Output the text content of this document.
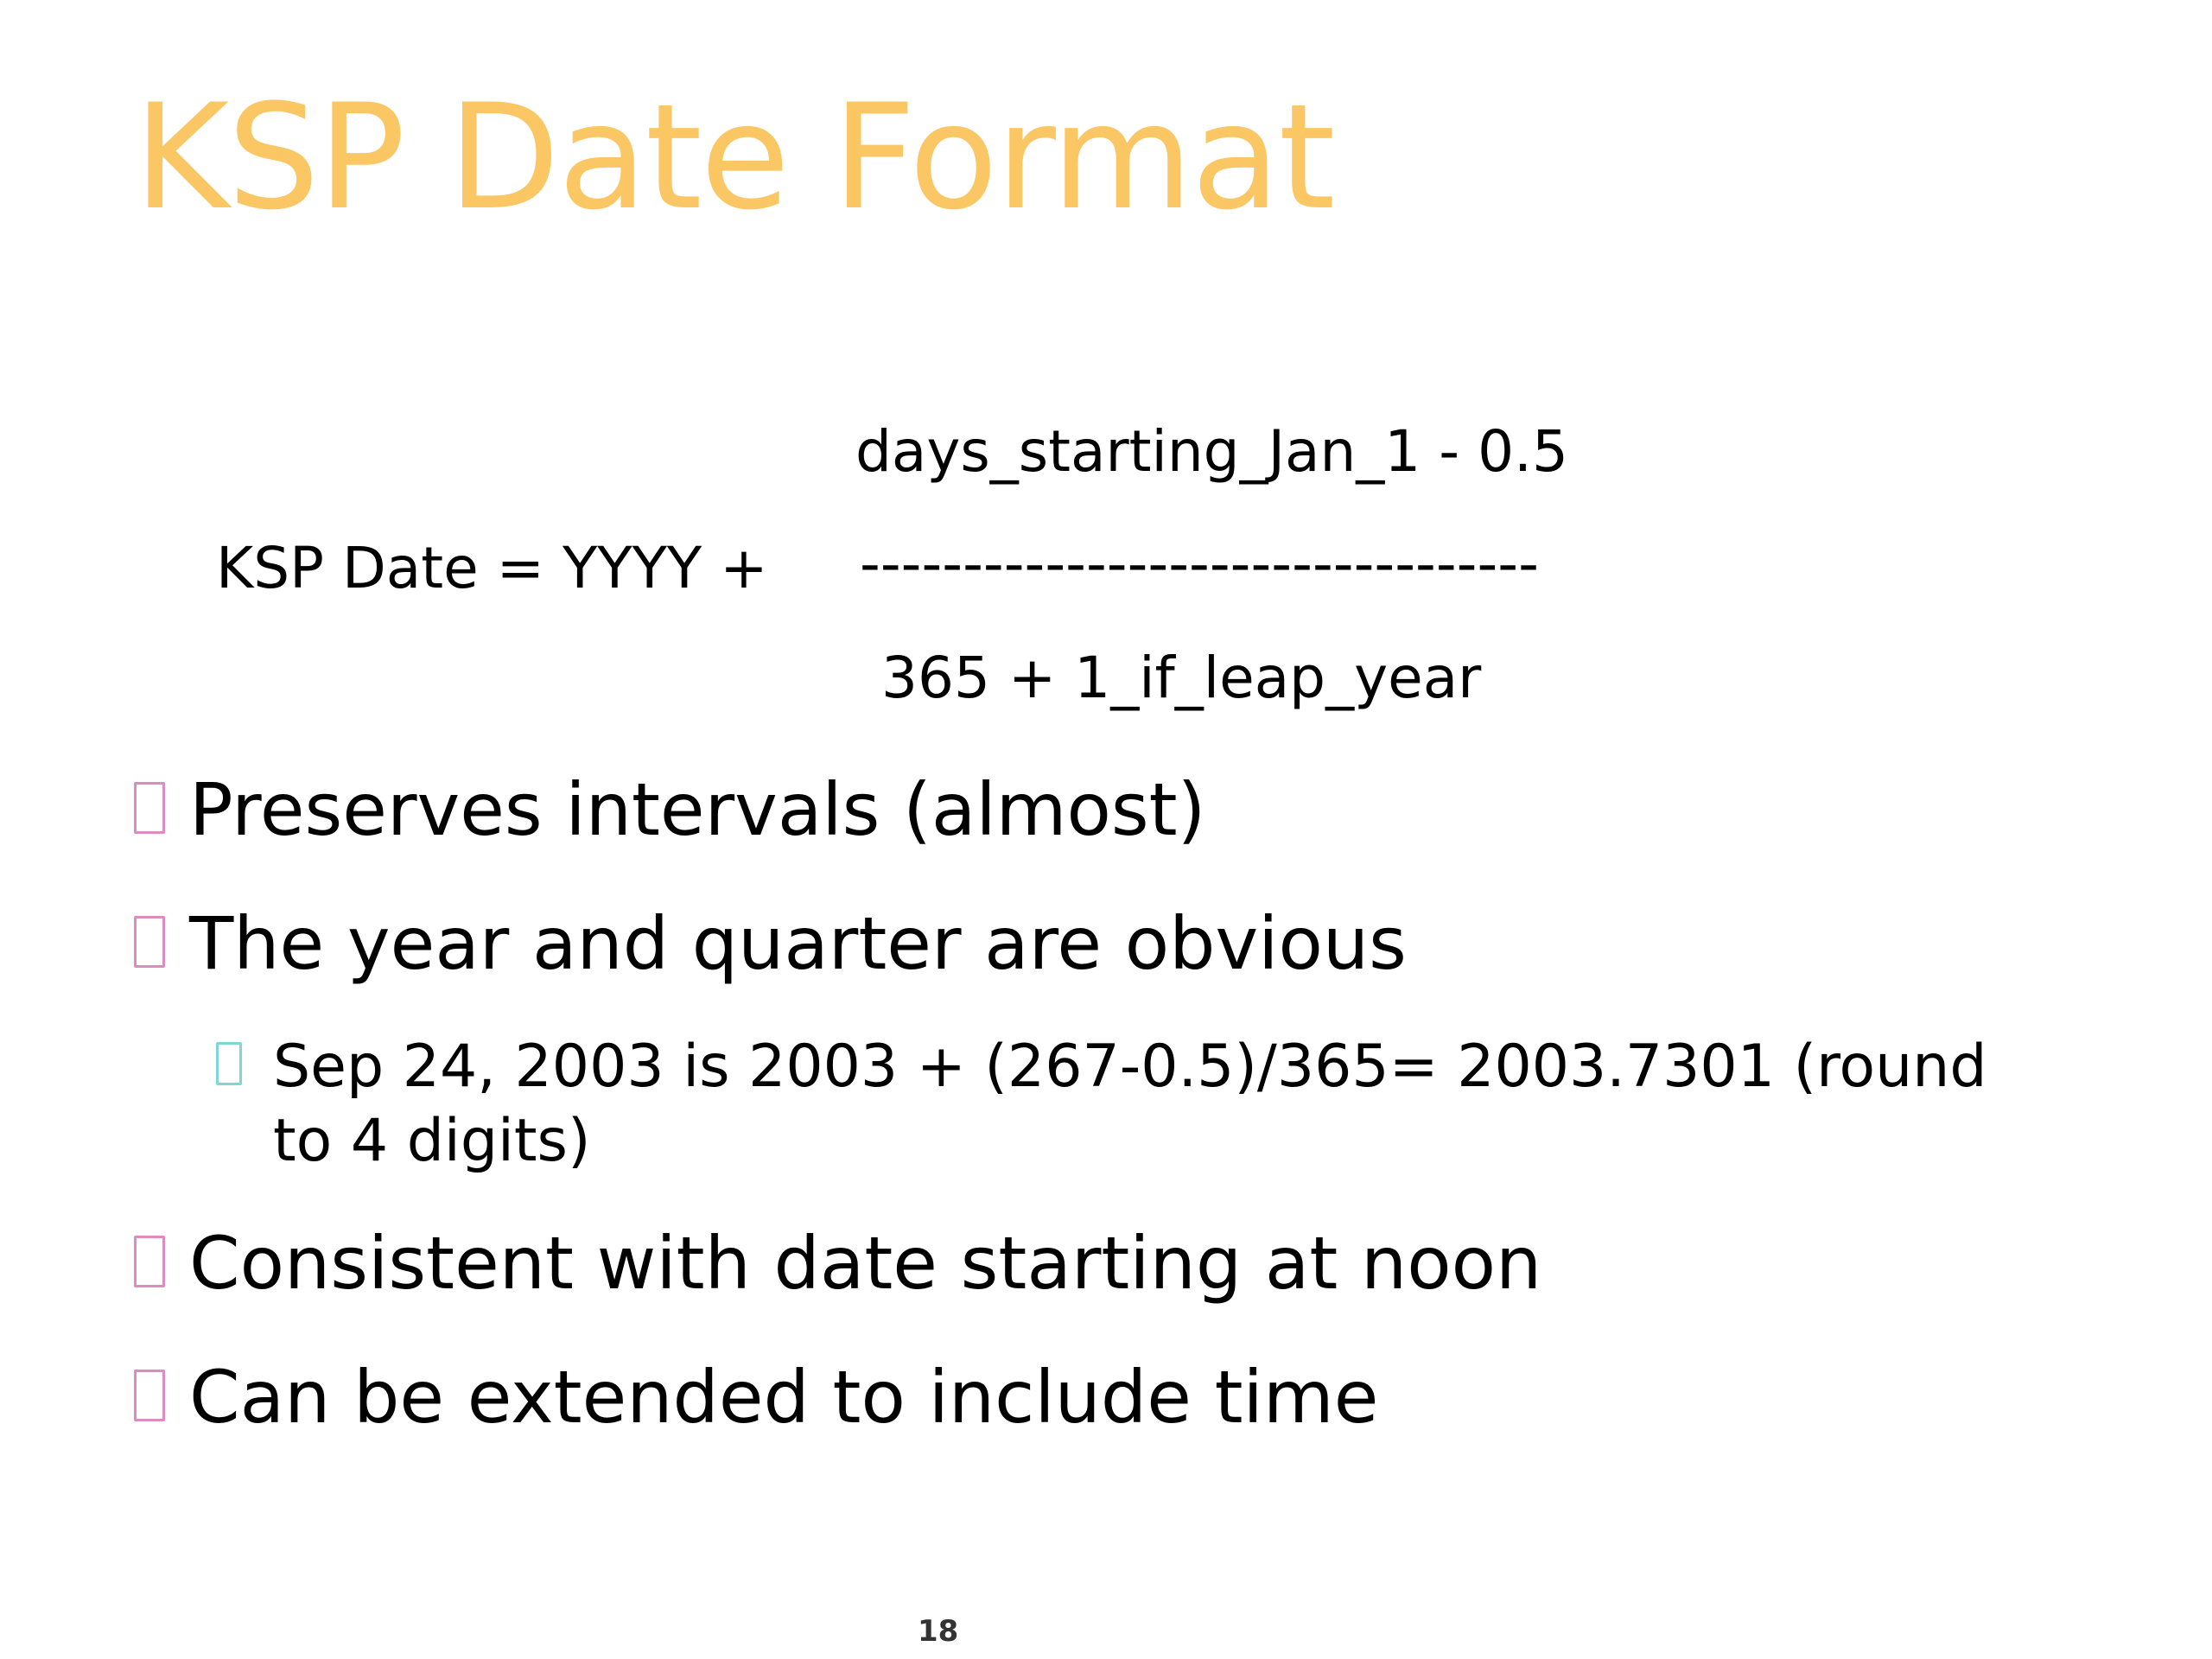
KSP Date Format
days_starting_Jan_1 - 0.5
KSP Date = YYYY + ---------------------------------
365 + 1_if_leap_year
Preserves intervals (almost)
The year and quarter are obvious
Sep 24, 2003 is 2003 + (267-0.5)/365= 2003.7301 (round to 4 digits)
Consistent with date starting at noon
Can be extended to include time
18
